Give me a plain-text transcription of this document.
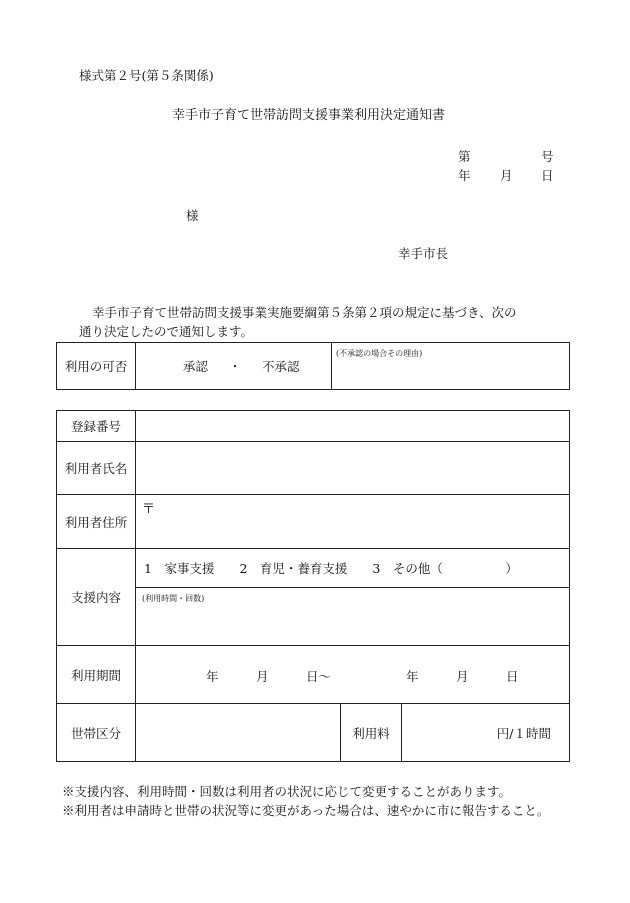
様式第２号(第５条関係)
幸手市子育て世帯訪問支援事業利用決定通知書
第	号
年 月 日
様
幸手市長
幸手市子育て世帯訪問支援事業実施要綱第５条第２項の規定に基づき、次の
通り決定したので通知します。
利用の可否	承認 ・ 不承認	
(不承認の場合その理由)
登録番号			
利用者氏名			
利用者住所	〒		

支援内容	1　家事支援　　2　育児・養育支援　　3　その他（　　　　　）		

	(利用時間・回数)		

利用期間	年　　　月　　　日～ 年　　　月　　　日		

世帯区分		利用料	円/１時間
※支援内容、利用時間・回数は利用者の状況に応じて変更することがあります。
※利用者は申請時と世帯の状況等に変更があった場合は、速やかに市に報告すること。
